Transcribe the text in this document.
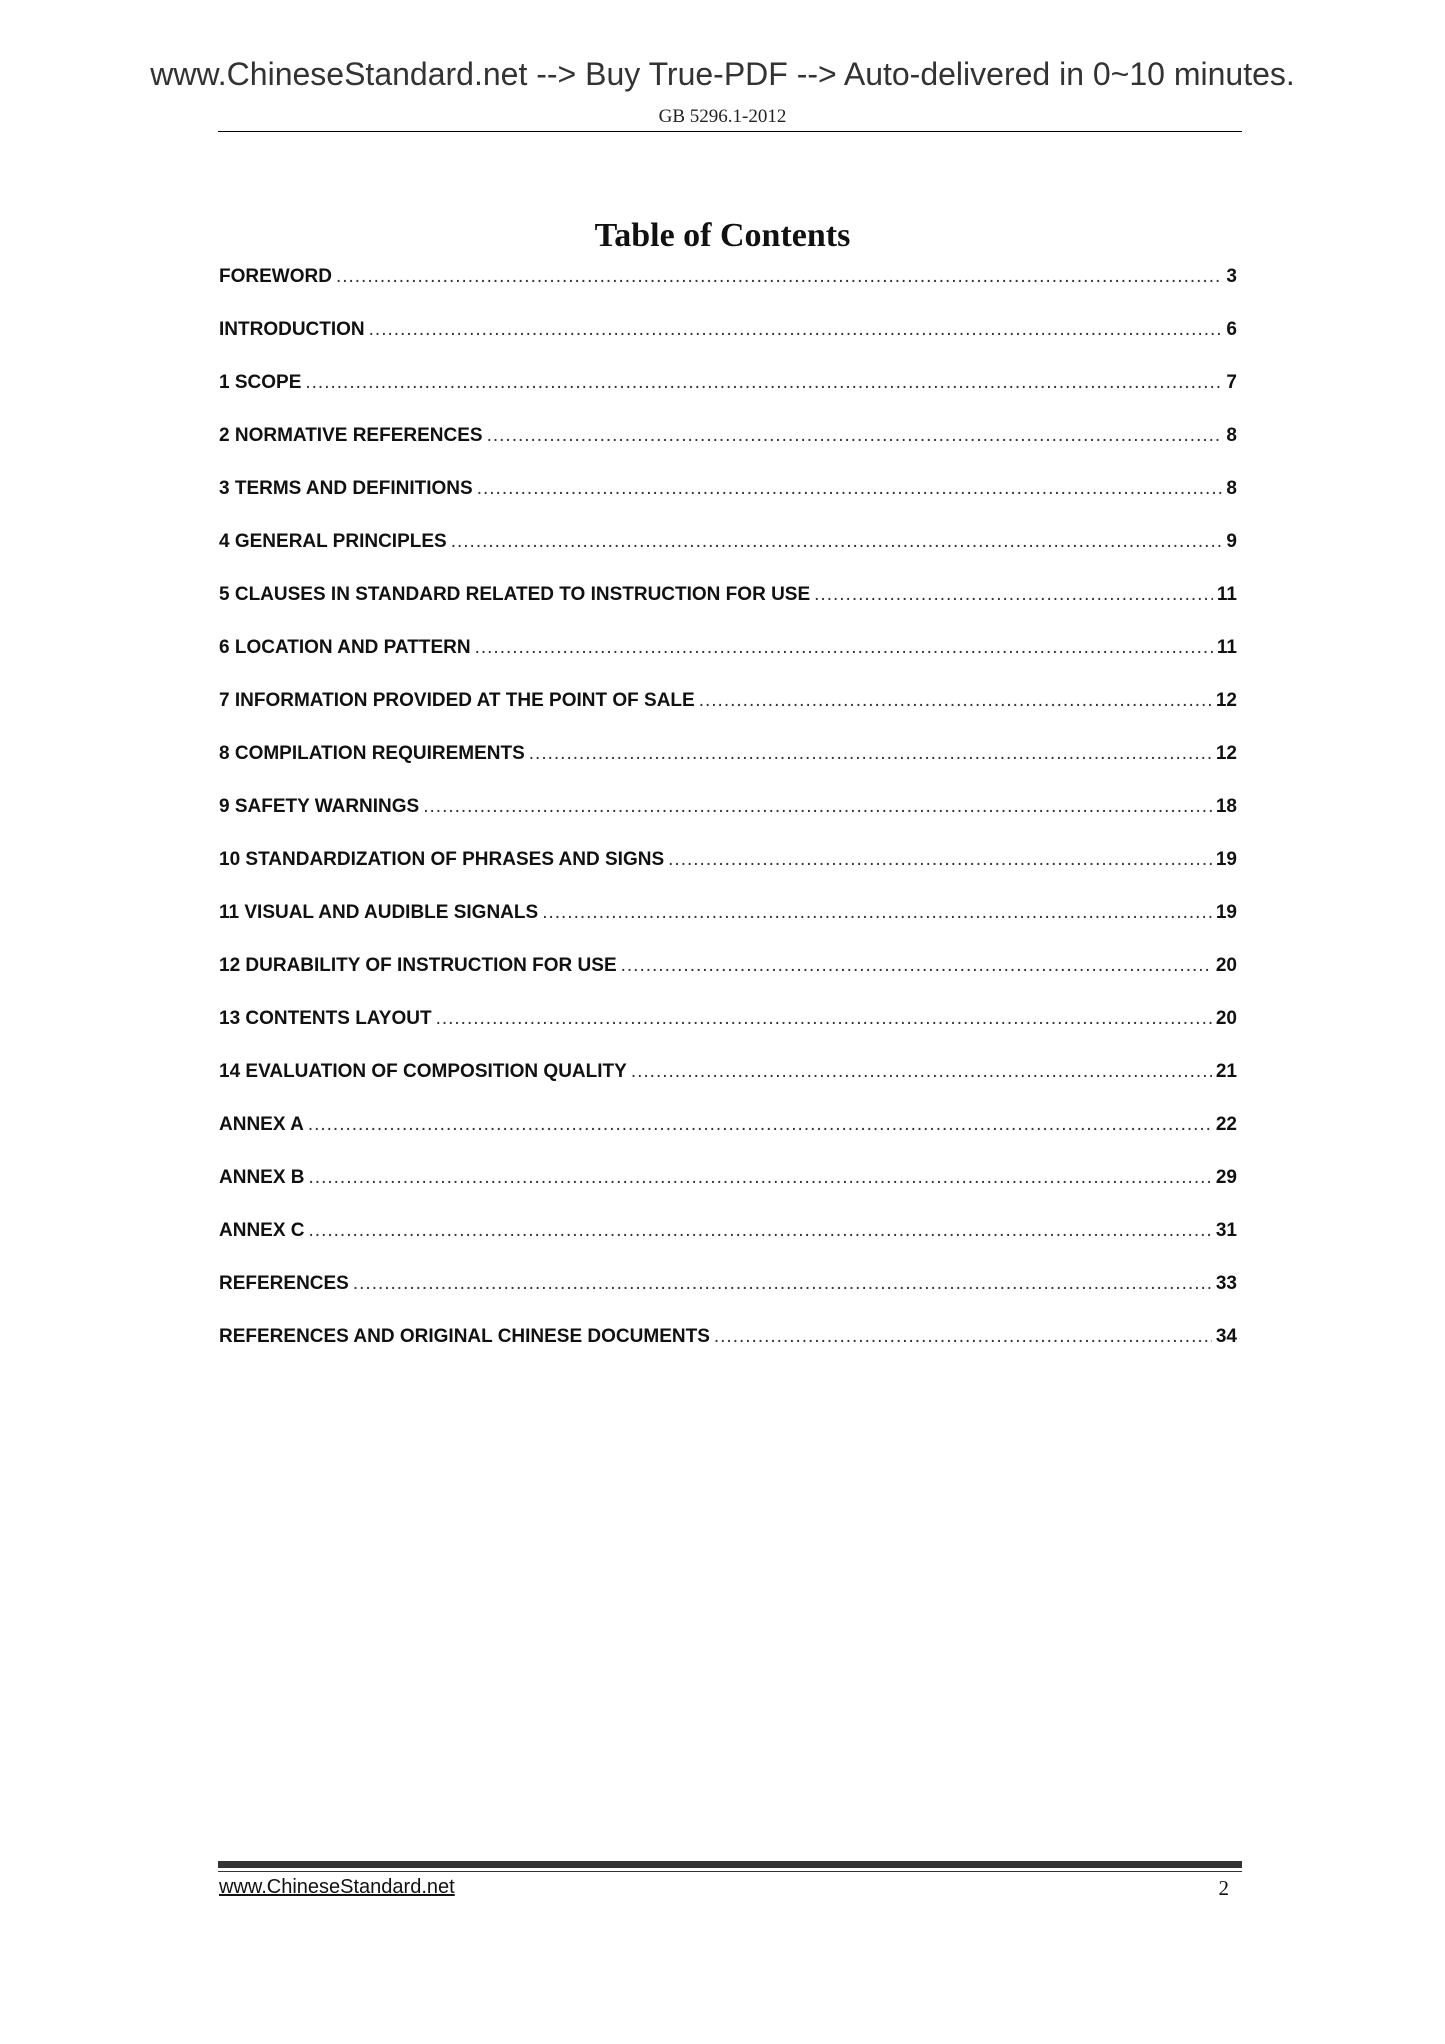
www.ChineseStandard.net --> Buy True-PDF --> Auto-delivered in 0~10 minutes.
GB 5296.1-2012
Table of Contents
FOREWORD .....	3
INTRODUCTION .....	6
1 SCOPE .....	7
2 NORMATIVE REFERENCES .....	8
3 TERMS AND DEFINITIONS .....	8
4 GENERAL PRINCIPLES .....	9
5 CLAUSES IN STANDARD RELATED TO INSTRUCTION FOR USE .....	11
6 LOCATION AND PATTERN .....	11
7 INFORMATION PROVIDED AT THE POINT OF SALE .....	12
8 COMPILATION REQUIREMENTS .....	12
9 SAFETY WARNINGS .....	18
10 STANDARDIZATION OF PHRASES AND SIGNS .....	19
11 VISUAL AND AUDIBLE SIGNALS .....	19
12 DURABILITY OF INSTRUCTION FOR USE .....	20
13 CONTENTS LAYOUT .....	20
14 EVALUATION OF COMPOSITION QUALITY .....	21
ANNEX A .....	22
ANNEX B .....	29
ANNEX C .....	31
REFERENCES .....	33
REFERENCES AND ORIGINAL CHINESE DOCUMENTS .....	34
www.ChineseStandard.net	2
